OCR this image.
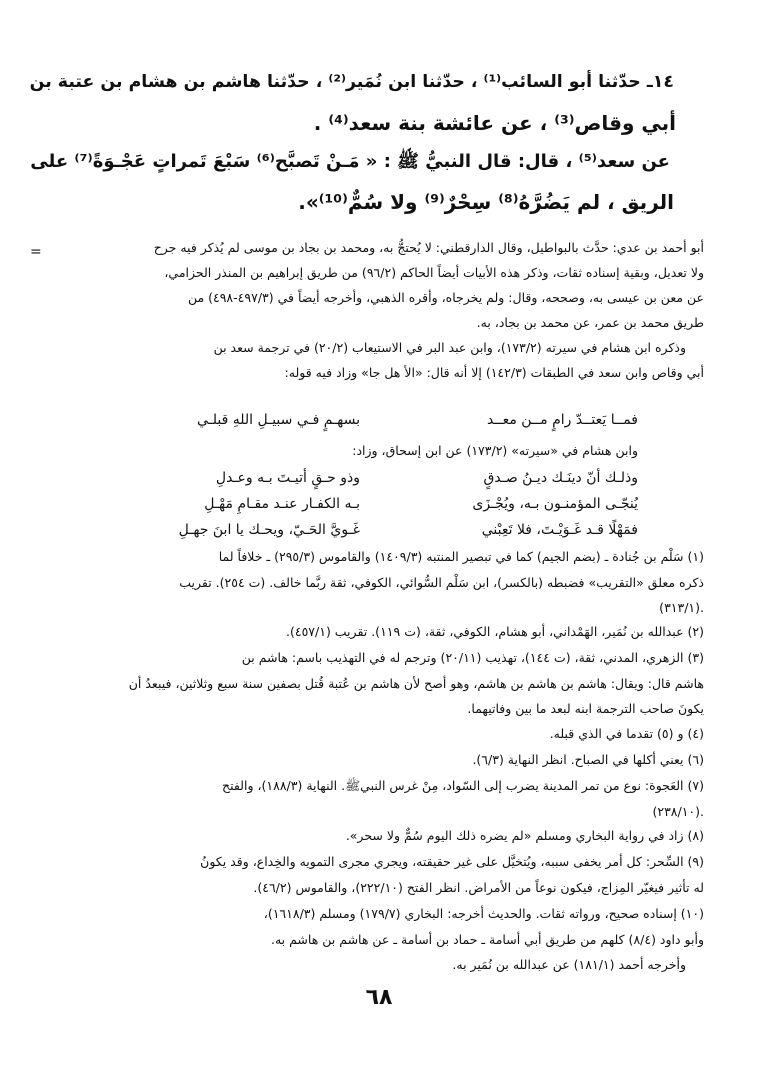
١٤ـ حدّثنا أبو السائب⁽¹⁾ ، حدّثنا ابن نُمَير⁽²⁾ ، حدّثنا هاشم بن هشام بن عتبة بن
أبي وقاص⁽³⁾ ، عن عائشة بنة سعد⁽⁴⁾ .
عن سعد⁽⁵⁾ ، قال: قال النبيُّ ﷺ : « مَـنْ تَصبَّح⁽⁶⁾ سَبْعَ تَمراتٍ عَجْـوَةً⁽⁷⁾ على
الريق ، لم يَضُرَّهُ⁽⁸⁾ سِحْرٌ⁽⁹⁾ ولا سُمٌّ⁽¹⁰⁾».
=	أبو أحمد بن عدي: حدَّث بالبواطيل، وقال الدارقطني: لا يُحتجُّ به، ومحمد بن بجاد بن موسى لم يُذكر فيه جرح
ولا تعديل، وبقية إسناده ثقات، وذكر هذه الأبيات أيضاً الحاكم (٩٦/٢) من طريق إبراهيم بن المنذر الحزامي،
عن معن بن عيسى به، وصححه، وقال: ولم يخرجاه، وأقره الذهبي، وأخرجه أيضاً في (٤٩٧/٣-٤٩٨) من
طريق محمد بن عمر، عن محمد بن بجاد، به.
وذكره ابن هشام في سيرته (١٧٣/٢)، وابن عبد البر في الاستيعاب (٢٠/٢) في ترجمة سعد بن
أبي وقاص وابن سعد في الطبقات (١٤٢/٣) إلا أنه قال: «الأ هل جا» وزاد فيه قوله:
فمــا يَعتــدّ رامٍ مــن معــد
بسهـمٍ فـي سبيـلِ اللهِ قبلـي
وابن هشام في «سيرته» (١٧٣/٢) عن ابن إسحاق، وزاد:
وذلـك أنّ دينَـك ديـنُ صـدقٍ
وذو حـقٍ أتيـتَ بـه وعـدلِ
يُنجّـى المؤمنـون بـه، ويُجْـزَى
بـه الكفـار عنـد مقـامِ مَهْـلِ
فمَهْلًا قـد غَـوَيْـتَ، فلا تَعِبْني
غَـويَّ الحَـيّ، ويحـك يا ابنَ جهـلِ
(١) سَلْم بن جُنادة ـ (بضم الجيم) كما في تبصير المنتبه (١٤٠٩/٣) والقاموس (٢٩٥/٣) ـ خلافاً لما
ذكره معلق «التقريب» فضبطه (بالكسر)، ابن سَلْم السُّوائي، الكوفي، ثقة ربَّما خالف. (ت ٢٥٤). تقريب
(٣١٣/١).
(٢) عبدالله بن نُمَير، الهَمْداني، أبو هشام، الكوفي، ثقة، (ت ١١٩). تقريب (٤٥٧/١).
(٣) الزهري، المدني، ثقة، (ت ١٤٤)، تهذيب (٢٠/١١) وترجم له في التهذيب باسم: هاشم بن
هاشم قال: ويقال: هاشم بن هاشم بن هاشم، وهو أصح لأن هاشم بن عُتبة قُتل بصفين سنة سبع وثلاثين، فيبعدُ أن
يكونَ صاحب الترجمة ابنه لبعد ما بين وفاتيهما.
(٤) و (٥) تقدما في الذي قبله.
(٦) يعني أكلها في الصباح. انظر النهاية (٦/٣).
(٧) العَجوة: نوع من تمر المدينة يضرب إلى السّواد، مِنْ غرس النبيﷺ. النهاية (١٨٨/٣)، والفتح
(٢٣٨/١٠).
(٨) زاد في رواية البخاري ومسلم «لم يضره ذلك اليوم سُمٌّ ولا سحر».
(٩) السِّحر: كل أمر يخفى سببه، ويُتخيَّل على غير حقيقته، ويجري مجرى التمويه والخِداع، وقد يكونُ
له تأثير فيغيّر المِزاج، فيكون نوعاً من الأمراض. انظر الفتح (٢٢٢/١٠)، والقاموس (٤٦/٢).
(١٠) إسناده صحيح، ورواته ثقات. والحديث أخرجه: البخاري (١٧٩/٧) ومسلم (١٦١٨/٣)،
وأبو داود (٨/٤) كلهم من طريق أبي أسامة ـ حماد بن أسامة ـ عن هاشم بن هاشم به.
وأخرجه أحمد (١٨١/١) عن عبدالله بن نُمَير به.
٦٨
